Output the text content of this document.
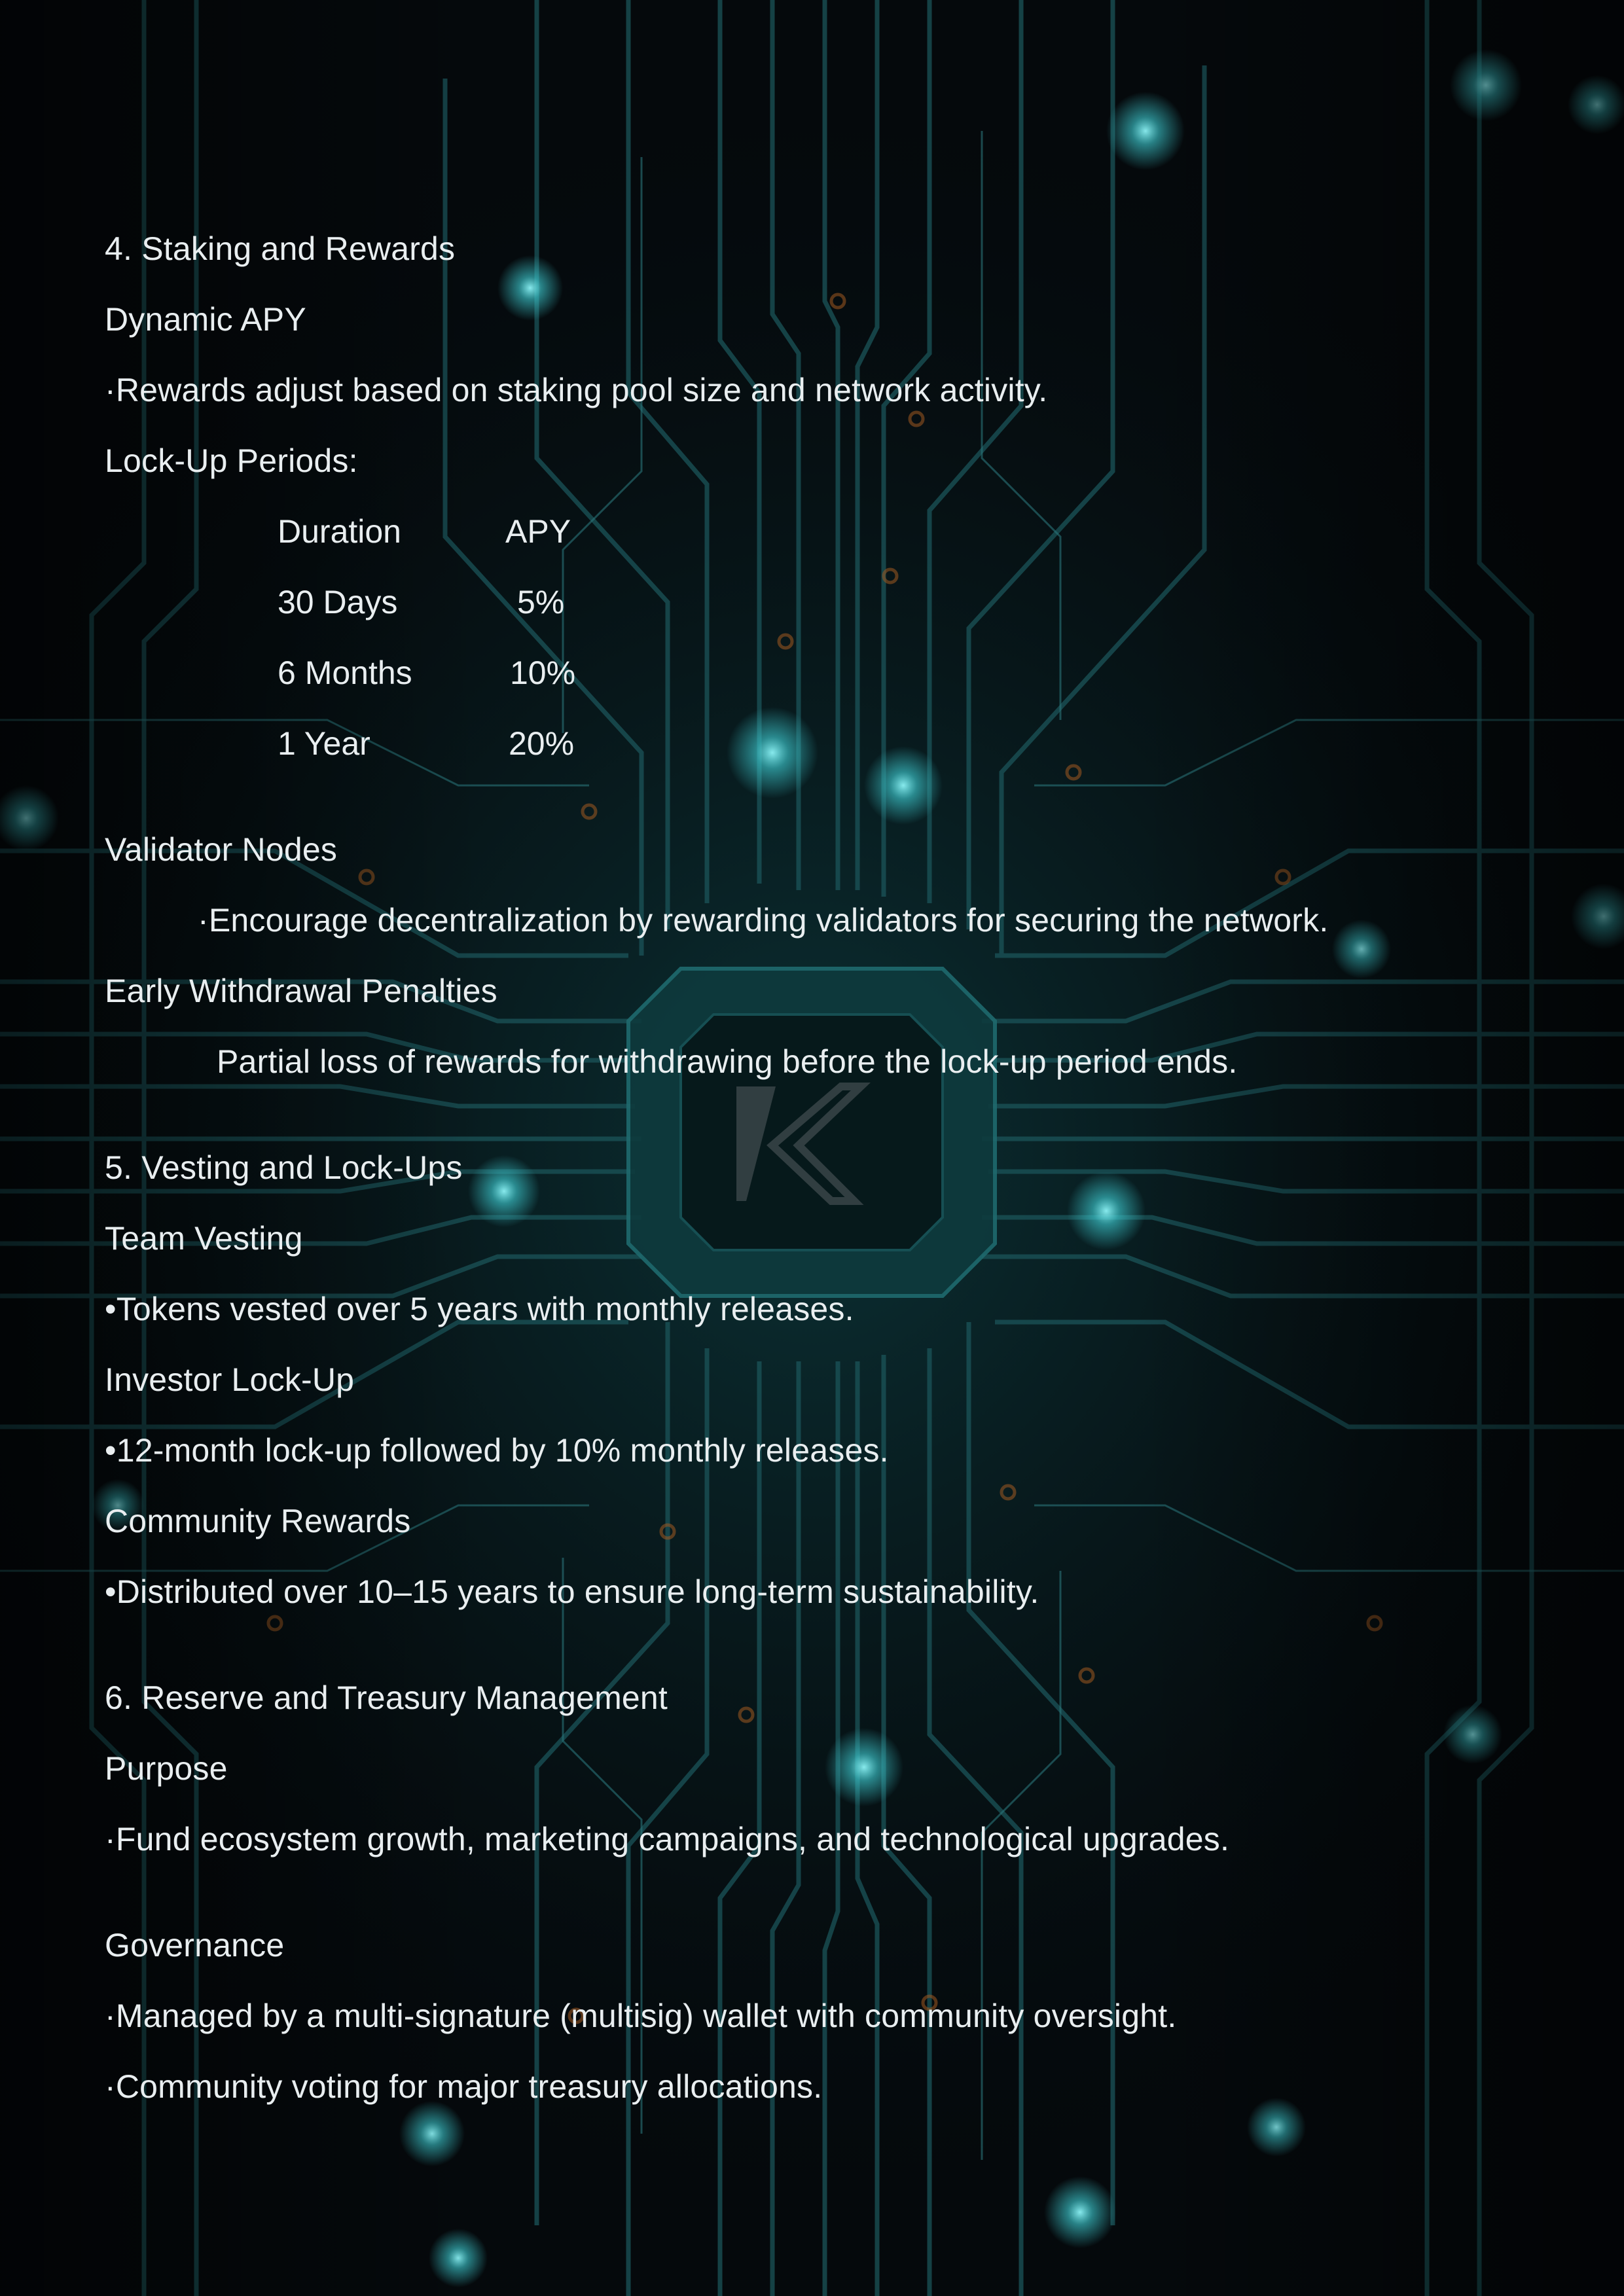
4. Staking and Rewards
Dynamic APY
·Rewards adjust based on staking pool size and network activity.
Lock-Up Periods:
Duration	APY
30 Days	5%
6 Months	10%
1 Year	20%
Validator Nodes
·Encourage decentralization by rewarding validators for securing the network.
Early Withdrawal Penalties
Partial loss of rewards for withdrawing before the lock-up period ends.
5. Vesting and Lock-Ups
Team Vesting
•Tokens vested over 5 years with monthly releases.
Investor Lock-Up
•12-month lock-up followed by 10% monthly releases.
Community Rewards
•Distributed over 10–15 years to ensure long-term sustainability.
6. Reserve and Treasury Management
Purpose
·Fund ecosystem growth, marketing campaigns, and technological upgrades.
Governance
·Managed by a multi-signature (multisig) wallet with community oversight.
·Community voting for major treasury allocations.
